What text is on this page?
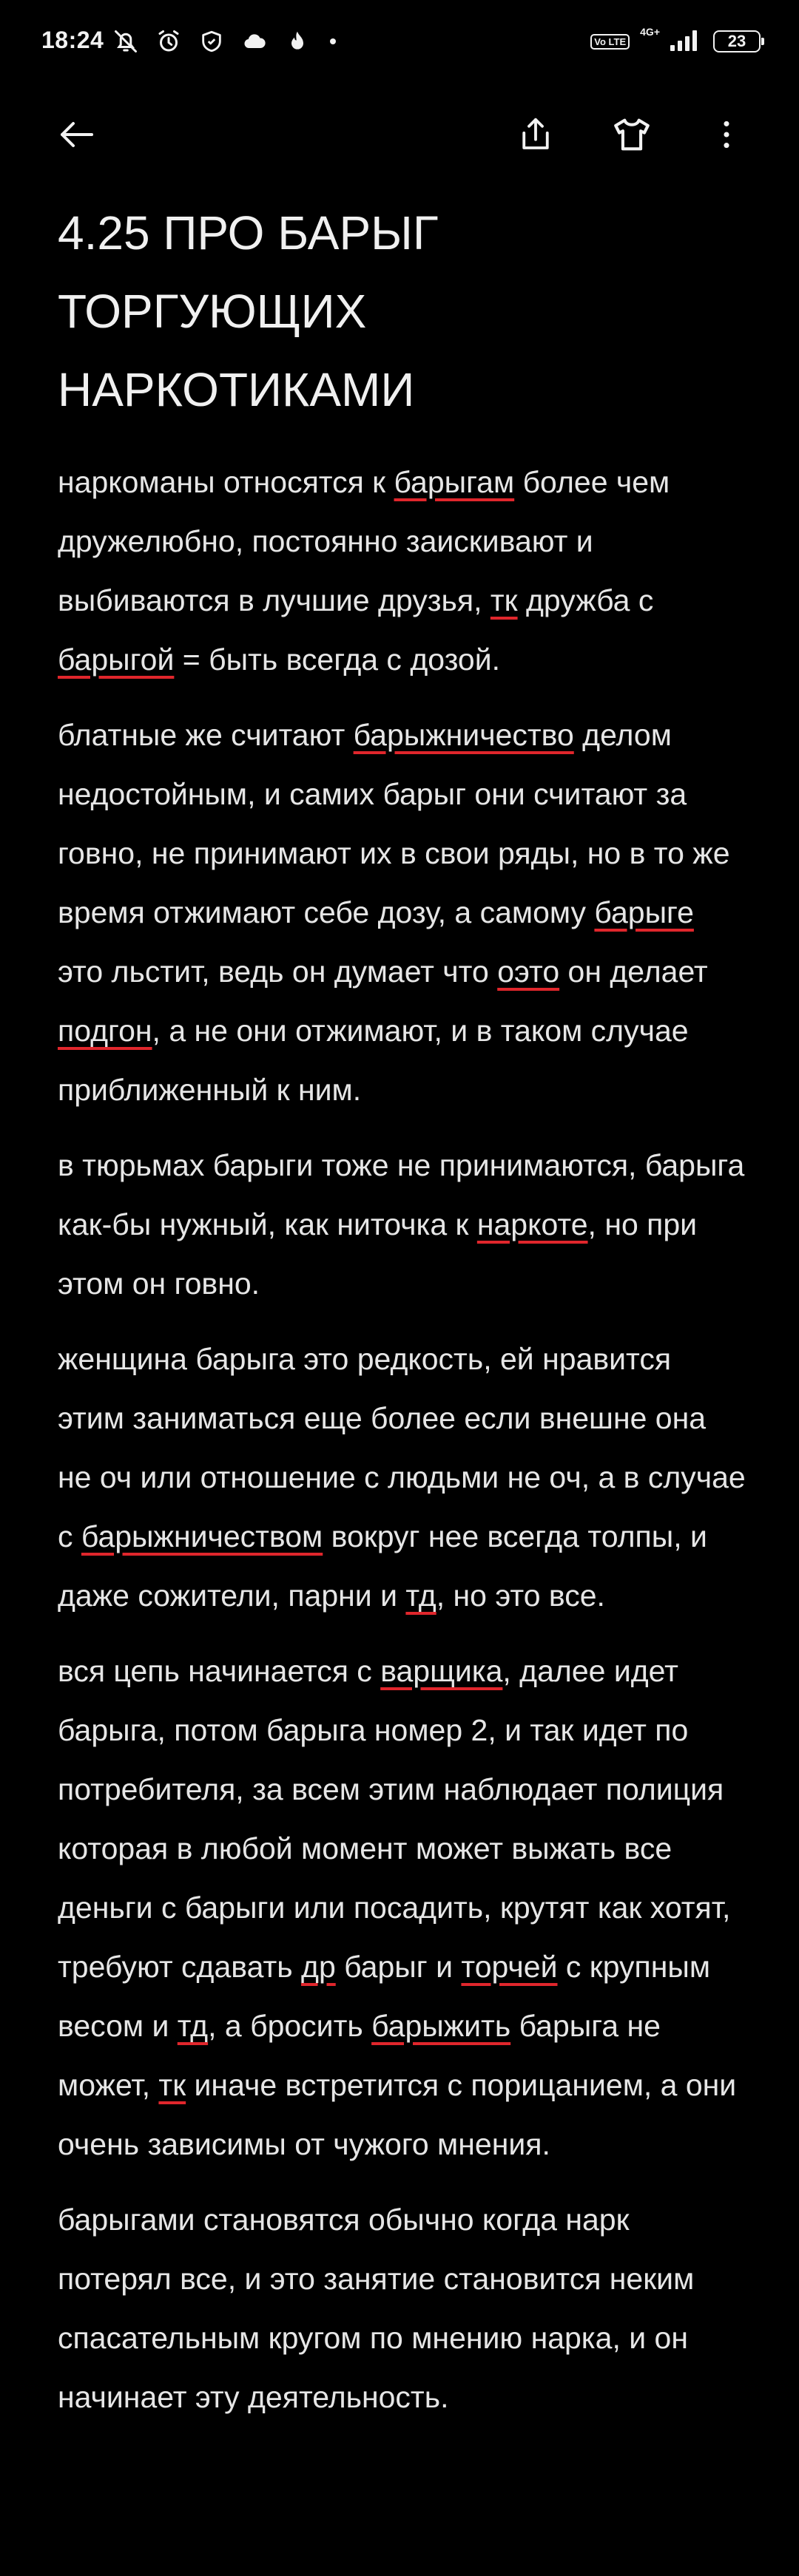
18:24	Vo LTE
4G+	23
4.25 ПРО БАРЫГ ТОРГУЮЩИХ НАРКОТИКАМИ

наркоманы относятся к барыгам более чем дружелюбно, постоянно заискивают и выбиваются в лучшие друзья, тк дружба с барыгой = быть всегда с дозой.

блатные же считают барыжничество делом недостойным, и самих барыг они считают за говно, не принимают их в свои ряды, но в то же время отжимают себе дозу, а самому барыге это льстит, ведь он думает что оэто он делает подгон, а не они отжимают, и в таком случае приближенный к ним.

в тюрьмах барыги тоже не принимаются, барыга как-бы нужный, как ниточка к наркоте, но при этом он говно.

женщина барыга это редкость, ей нравится этим заниматься еще более если внешне она не оч или отношение с людьми не оч, а в случае с барыжничеством вокруг нее всегда толпы, и даже сожители, парни и тд, но это все.

вся цепь начинается с варщика, далее идет барыга, потом барыга номер 2, и так идет по потребителя, за всем этим наблюдает полиция которая в любой момент может выжать все деньги с барыги или посадить, крутят как хотят, требуют сдавать др барыг и торчей с крупным весом и тд, а бросить барыжить барыга не может, тк иначе встретится с порицанием, а они очень зависимы от чужого мнения.

барыгами становятся обычно когда нарк потерял все, и это занятие становится неким спасательным кругом по мнению нарка, и он начинает эту деятельность.
